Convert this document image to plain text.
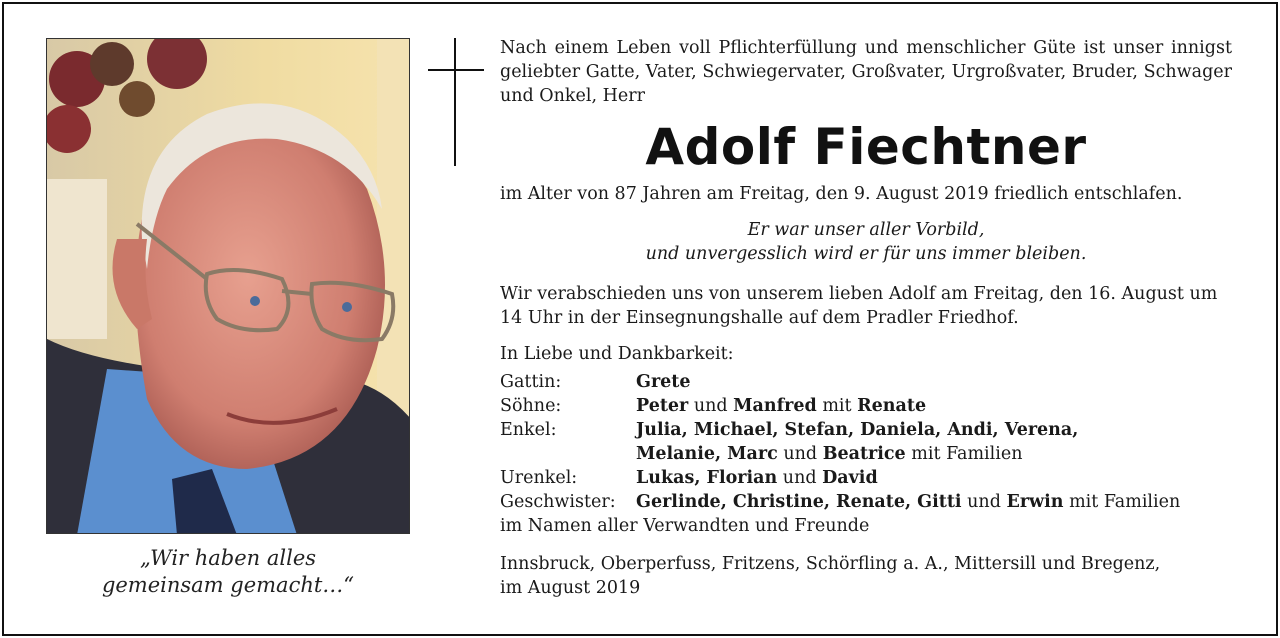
„Wir haben alles
gemeinsam gemacht…“
Nach einem Leben voll Pflichterfüllung und menschlicher Güte ist unser innigst geliebter Gatte, Vater, Schwiegervater, Großvater, Urgroßvater, Bruder, Schwager und Onkel, Herr
Adolf Fiechtner
im Alter von 87 Jahren am Freitag, den 9. August 2019 friedlich entschlafen.
Er war unser aller Vorbild,
und unvergesslich wird er für uns immer bleiben.
Wir verabschieden uns von unserem lieben Adolf am Freitag, den 16. August um 14 Uhr in der Einsegnungshalle auf dem Pradler Friedhof.
In Liebe und Dankbarkeit:
Gattin:	Grete
Söhne:	Peter und Manfred mit Renate
Enkel:	Julia, Michael, Stefan, Daniela, Andi, Verena,
Melanie, Marc und Beatrice mit Familien
Urenkel:	Lukas, Florian und David
Geschwister:	Gerlinde, Christine, Renate, Gitti und Erwin mit Familien
im Namen aller Verwandten und Freunde
Innsbruck, Oberperfuss, Fritzens, Schörfling a. A., Mittersill und Bregenz,
im August 2019
